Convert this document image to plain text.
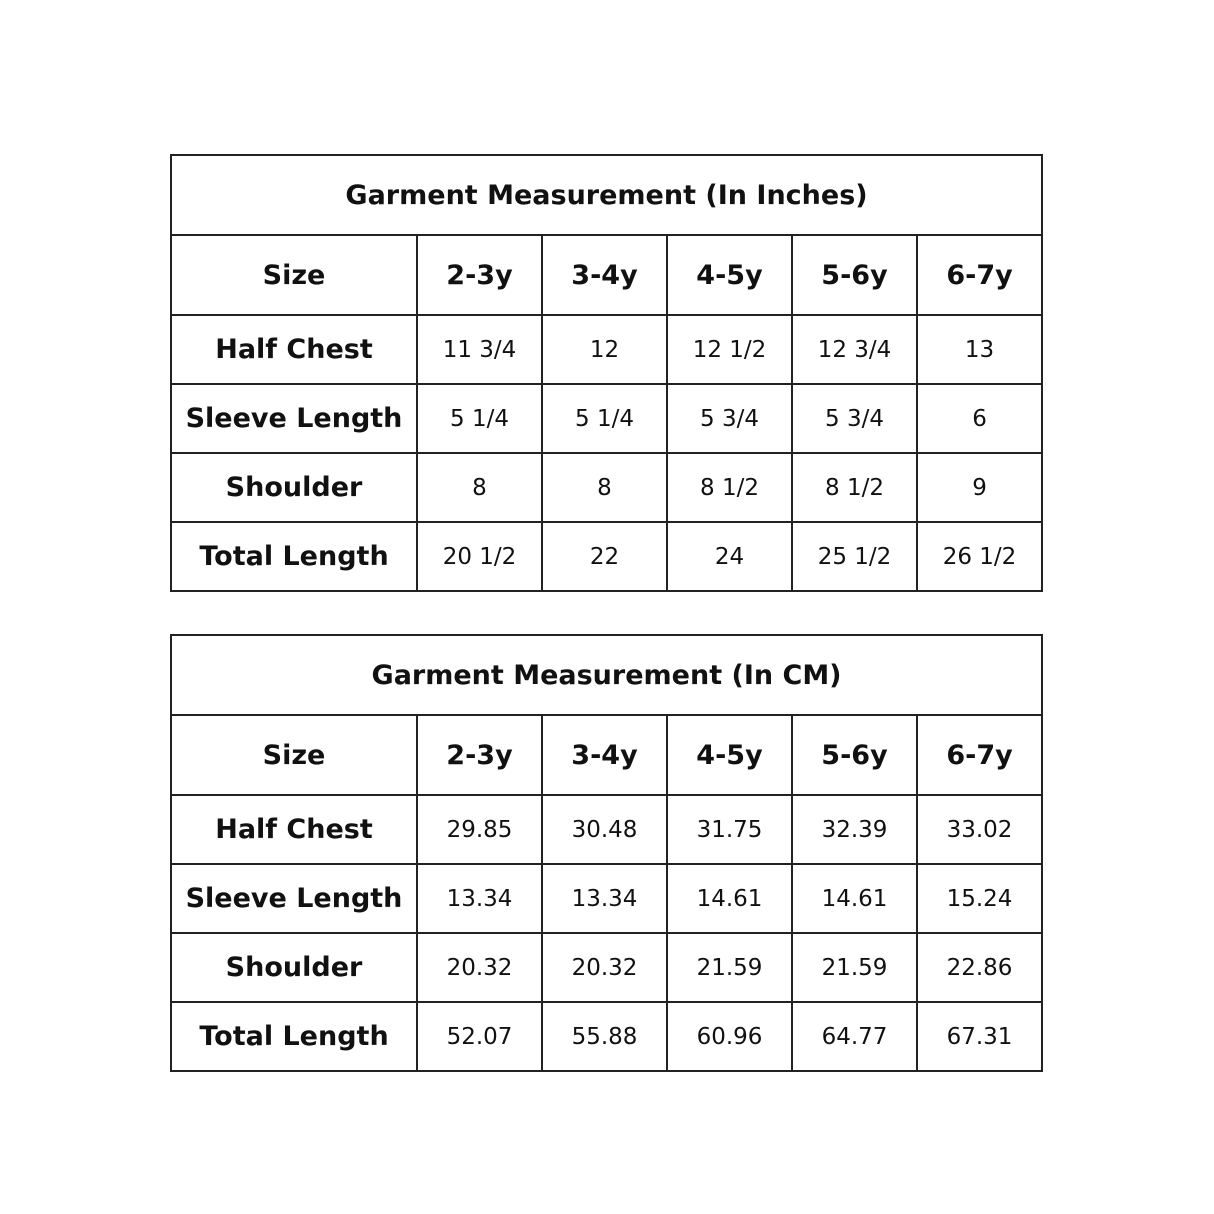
Garment Measurement (In Inches)					
Size	2-3y	3-4y	4-5y	5-6y	6-7y
Half Chest	11 3/4	12	12 1/2	12 3/4	13
Sleeve Length	5 1/4	5 1/4	5 3/4	5 3/4	6
Shoulder	8	8	8 1/2	8 1/2	9
Total Length	20 1/2	22	24	25 1/2	26 1/2
Garment Measurement (In CM)					
Size	2-3y	3-4y	4-5y	5-6y	6-7y
Half Chest	29.85	30.48	31.75	32.39	33.02
Sleeve Length	13.34	13.34	14.61	14.61	15.24
Shoulder	20.32	20.32	21.59	21.59	22.86
Total Length	52.07	55.88	60.96	64.77	67.31
